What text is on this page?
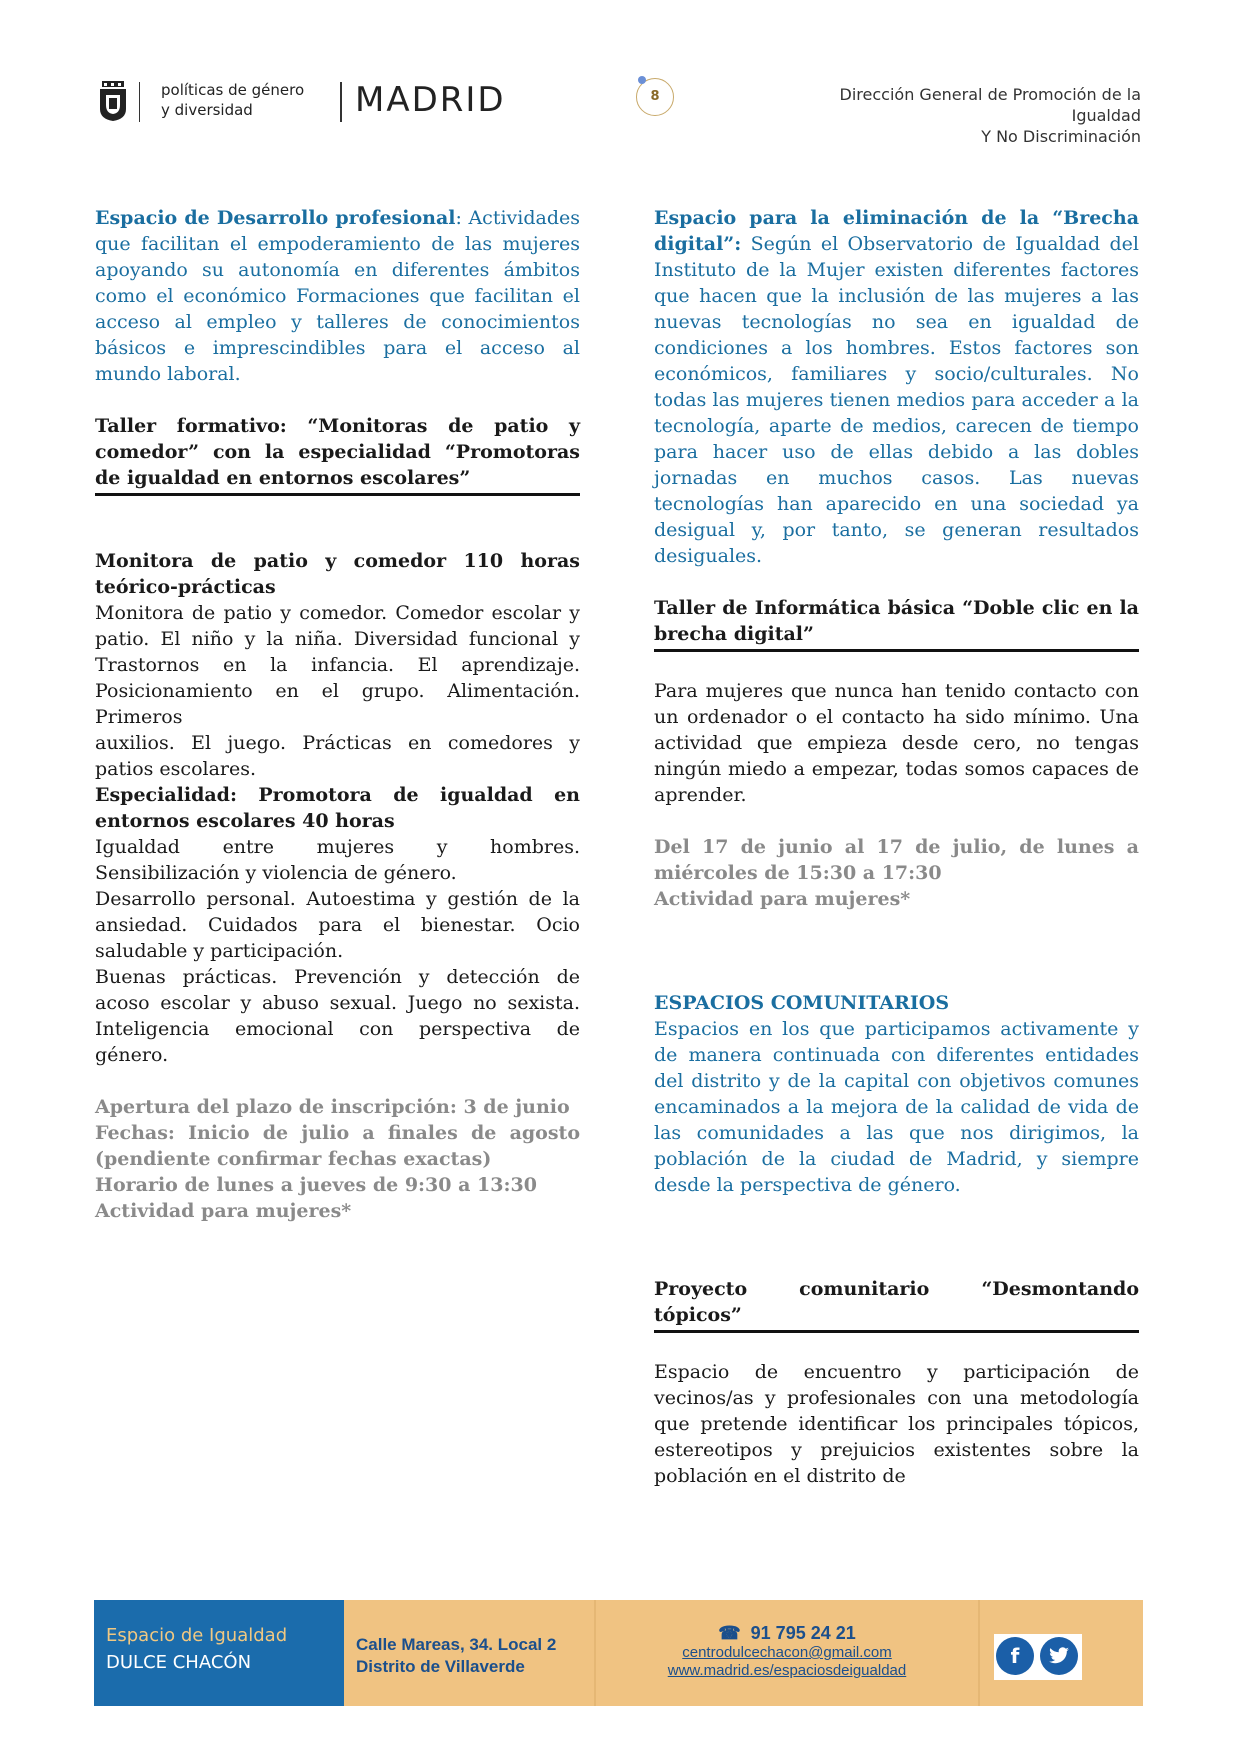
políticas de género
y diversidad	MADRID	8	Dirección General de Promoción de la
Igualdad
Y No Discriminación

Espacio de Desarrollo profesional: Actividades que facilitan el empoderamiento de las mujeres apoyando su autonomía en diferentes ámbitos como el económico Formaciones que facilitan el acceso al empleo y talleres de conocimientos básicos e imprescindibles para el acceso al mundo laboral.

Taller formativo: “Monitoras de patio y comedor” con la especialidad “Promotoras de igualdad en entornos escolares”

Monitora de patio y comedor 110 horas teórico-prácticas

Monitora de patio y comedor. Comedor escolar y patio. El niño y la niña. Diversidad funcional y Trastornos en la infancia. El aprendizaje. Posicionamiento en el grupo. Alimentación. Primeros

auxilios. El juego. Prácticas en comedores y patios escolares.

Especialidad: Promotora de igualdad en entornos escolares 40 horas

Igualdad entre mujeres y hombres. Sensibilización y violencia de género.

Desarrollo personal. Autoestima y gestión de la ansiedad. Cuidados para el bienestar. Ocio saludable y participación.

Buenas prácticas. Prevención y detección de acoso escolar y abuso sexual. Juego no sexista. Inteligencia emocional con perspectiva de género.

Apertura del plazo de inscripción: 3 de junio

Fechas: Inicio de julio a finales de agosto (pendiente confirmar fechas exactas)

Horario de lunes a jueves de 9:30 a 13:30

Actividad para mujeres*

Espacio para la eliminación de la “Brecha digital”: Según el Observatorio de Igualdad del Instituto de la Mujer existen diferentes factores que hacen que la inclusión de las mujeres a las nuevas tecnologías no sea en igualdad de condiciones a los hombres. Estos factores son económicos, familiares y socio/culturales. No todas las mujeres tienen medios para acceder a la tecnología, aparte de medios, carecen de tiempo para hacer uso de ellas debido a las dobles jornadas en muchos casos. Las nuevas tecnologías han aparecido en una sociedad ya desigual y, por tanto, se generan resultados desiguales.

Taller de Informática básica “Doble clic en la brecha digital”

Para mujeres que nunca han tenido contacto con un ordenador o el contacto ha sido mínimo. Una actividad que empieza desde cero, no tengas ningún miedo a empezar, todas somos capaces de aprender.

Del 17 de junio al 17 de julio, de lunes a miércoles de 15:30 a 17:30

Actividad para mujeres*

ESPACIOS COMUNITARIOS

Espacios en los que participamos activamente y de manera continuada con diferentes entidades del distrito y de la capital con objetivos comunes encaminados a la mejora de la calidad de vida de las comunidades a las que nos dirigimos, la población de la ciudad de Madrid, y siempre desde la perspectiva de género.

Proyecto comunitario “Desmontando tópicos”

Espacio de encuentro y participación de vecinos/as y profesionales con una metodología que pretende identificar los principales tópicos, estereotipos y prejuicios existentes sobre la población en el distrito de

Espacio de Igualdad
DULCE CHACÓN
Calle Mareas, 34. Local 2
Distrito de Villaverde
☎ 91 795 24 21
centrodulcechacon@gmail.com
www.madrid.es/espaciosdeigualdad
f
